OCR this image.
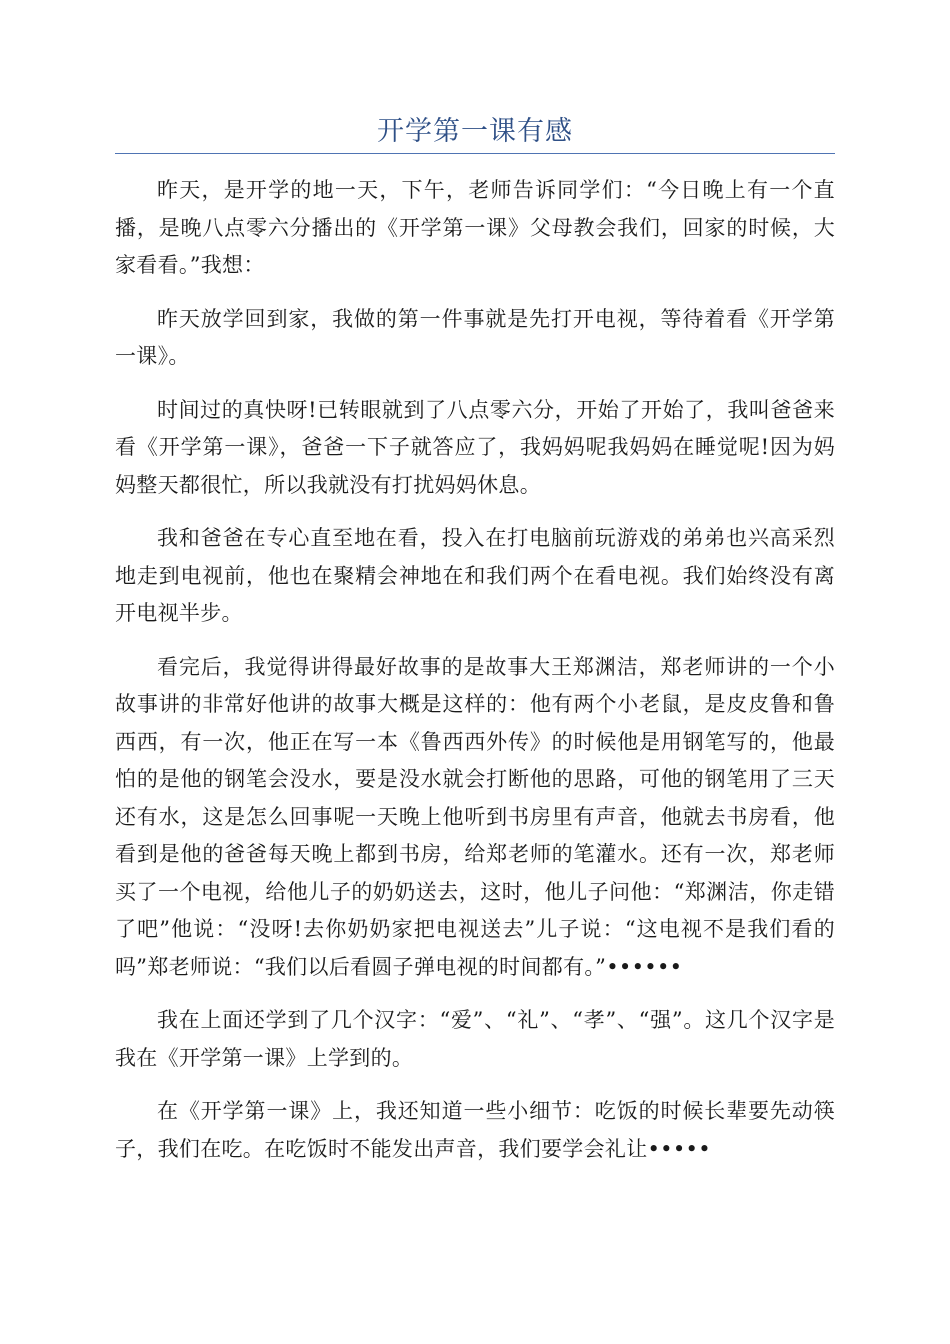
开学第一课有感

昨天，是开学的地一天，下午，老师告诉同学们：“今日晚上有一个直播，是晚八点零六分播出的《开学第一课》父母教会我们，回家的时候，大家看看。”我想：

昨天放学回到家，我做的第一件事就是先打开电视，等待着看《开学第一课》。

时间过的真快呀!已转眼就到了八点零六分，开始了开始了，我叫爸爸来看《开学第一课》，爸爸一下子就答应了，我妈妈呢我妈妈在睡觉呢!因为妈妈整天都很忙，所以我就没有打扰妈妈休息。

我和爸爸在专心直至地在看，投入在打电脑前玩游戏的弟弟也兴高采烈地走到电视前，他也在聚精会神地在和我们两个在看电视。我们始终没有离开电视半步。

看完后，我觉得讲得最好故事的是故事大王郑渊洁，郑老师讲的一个小故事讲的非常好他讲的故事大概是这样的：他有两个小老鼠，是皮皮鲁和鲁西西，有一次，他正在写一本《鲁西西外传》的时候他是用钢笔写的，他最怕的是他的钢笔会没水，要是没水就会打断他的思路，可他的钢笔用了三天还有水，这是怎么回事呢一天晚上他听到书房里有声音，他就去书房看，他看到是他的爸爸每天晚上都到书房，给郑老师的笔灌水。还有一次，郑老师买了一个电视，给他儿子的奶奶送去，这时，他儿子问他：“郑渊洁，你走错了吧”他说：“没呀!去你奶奶家把电视送去”儿子说：“这电视不是我们看的吗”郑老师说：“我们以后看圆子弹电视的时间都有。”••••••

我在上面还学到了几个汉字：“爱”、“礼”、“孝”、“强”。这几个汉字是我在《开学第一课》上学到的。

在《开学第一课》上，我还知道一些小细节：吃饭的时候长辈要先动筷子，我们在吃。在吃饭时不能发出声音，我们要学会礼让•••••
